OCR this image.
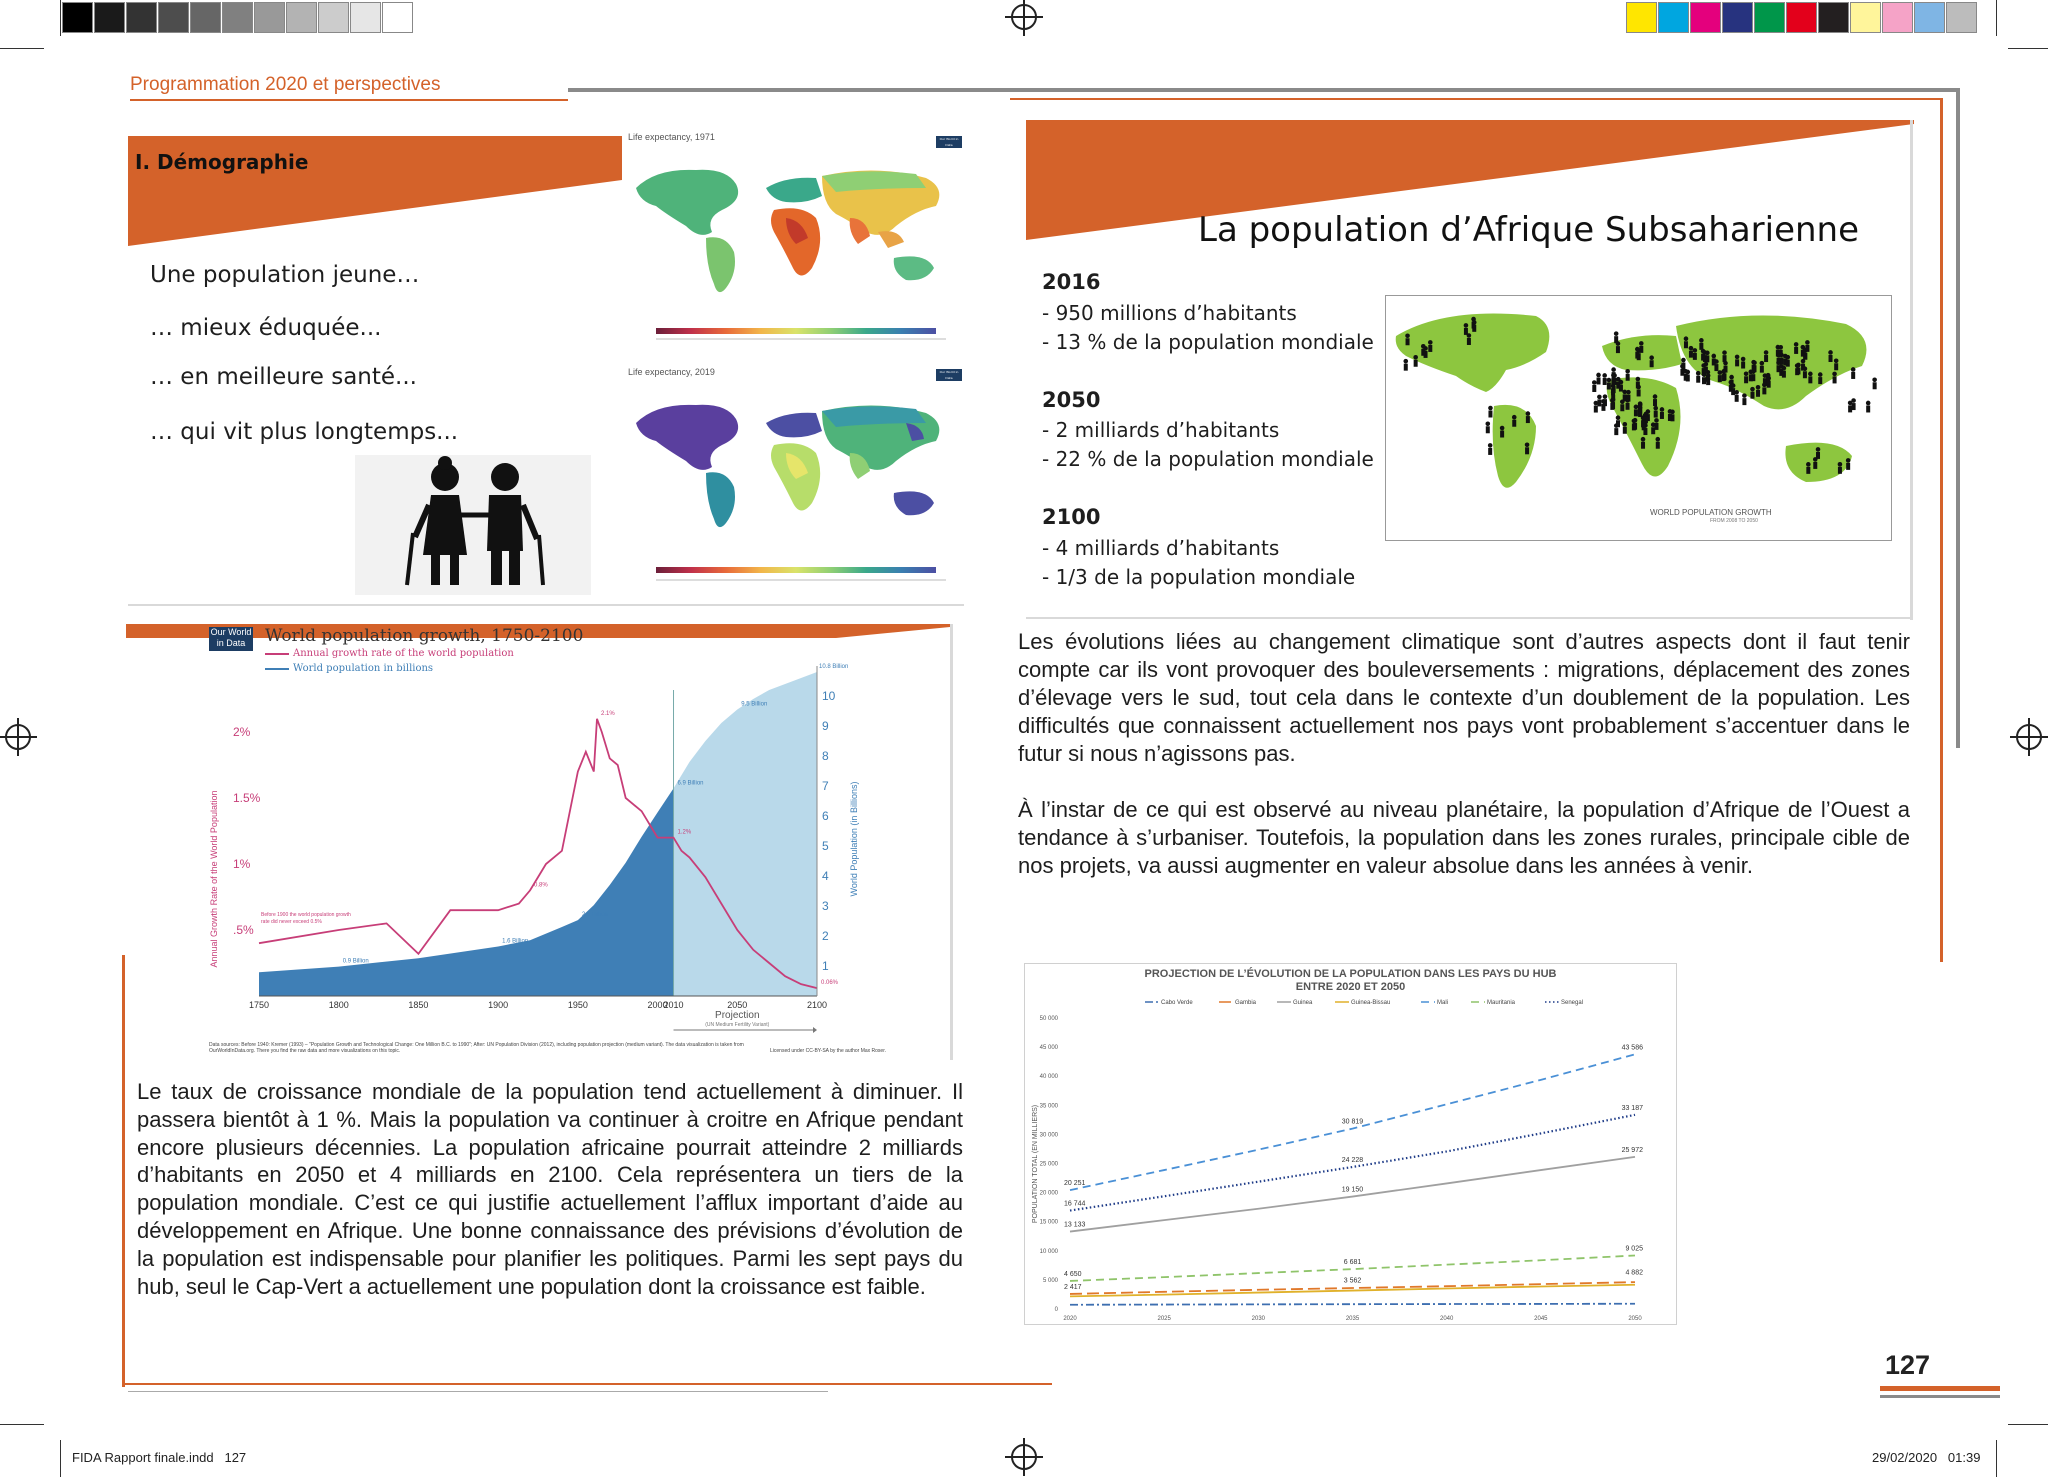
Programmation 2020 et perspectives
I. Démographie
Une population jeune…
… mieux éduquée...
… en meilleure santé...
… qui vit plus longtemps...
Life expectancy, 1971	Our World in Data
Life expectancy, 2019	Our World in Data
La population d’Afrique Subsaharienne
2016
- 950 millions d’habitants
- 13 % de la population mondiale
2050
- 2 milliards d’habitants
- 22 % de la population mondiale
2100
- 4 milliards d’habitants
- 1/3 de la population mondiale
WORLD POPULATION GROWTH
FROM 2008 TO 2050

Les évolutions liées au changement climatique sont d’autres aspects dont il faut tenir compte car ils vont provoquer des bouleversements : migrations, déplacement des zones d’élevage vers le sud, tout cela dans le contexte d’un doublement de la population. Les difficultés que connaissent actuellement nos pays vont probablement s’accentuer dans le futur si nous n’agissons pas.

À l’instar de ce qui est observé au niveau planétaire, la population d’Afrique de l’Ouest a tendance à s’urbaniser. Toutefois, la population dans les zones rurales, principale cible de nos projets, va aussi augmenter en valeur absolue dans les années à venir.

Our World in Data	World population growth, 1750-2100
Annual growth rate of the world population
World population in billions
1750	1800	1850	1900	1950	2000
2010	2050	2100
.5%
1%
1.5%
2%
1
2
3
4
5
6
7
8
9
10
Annual Growth Rate of the World Population	World Population (in Billions)
0.9 Billion
1.6 Billion
2.5 Billion
6.9 Billion
9.5 Billion
10.8 Billion
0.8%
2.1%
1.2%
0.06%
Projection
(UN Medium Fertility Variant)
Before 1900 the world population growth rate did never exceed 0.5%
Data sources: Before 1940: Kremer (1993) – "Population Growth and Technological Change: One Million B.C. to 1990"; After: UN Population Division (2012), including population projection (medium variant). The data visualization is taken from OurWorldInData.org. There you find the raw data and more visualizations on this topic.	Licensed under CC-BY-SA by the author Max Roser.
Le taux de croissance mondiale de la population tend actuellement à diminuer. Il passera bientôt à 1 %. Mais la population va continuer à croitre en Afrique pendant encore plusieurs décennies. La population africaine pourrait atteindre 2 milliards d’habitants en 2050 et 4 milliards en 2100. Cela représentera un tiers de la population mondiale. C’est ce qui justifie actuellement l’afflux important d’aide au développement en Afrique. Une bonne connaissance des prévisions d’évolution de la population est indispensable pour planifier les politiques. Parmi les sept pays du hub, seul le Cap-Vert a actuellement une population dont la croissance est faible.
PROJECTION DE L’ÉVOLUTION DE LA POPULATION DANS LES PAYS DU HUB
ENTRE 2020 ET 2050
0
5 000
10 000
15 000
20 000
25 000
30 000
35 000
40 000
45 000
50 000
2020	2025	2030	2035	2040	2045	2050
POPULATION TOTAL (EN MILLIERS)
Cabo Verde	Gambia	Guinea	Guinea-Bissau	Mali	Mauritania	Senegal
20 251
16 744
13 133
4 650
2 417
30 819
24 228
19 150
6 681
3 562
43 586
33 187
25 972
9 025
4 882
127
FIDA Rapport finale.indd   127	29/02/2020   01:39
